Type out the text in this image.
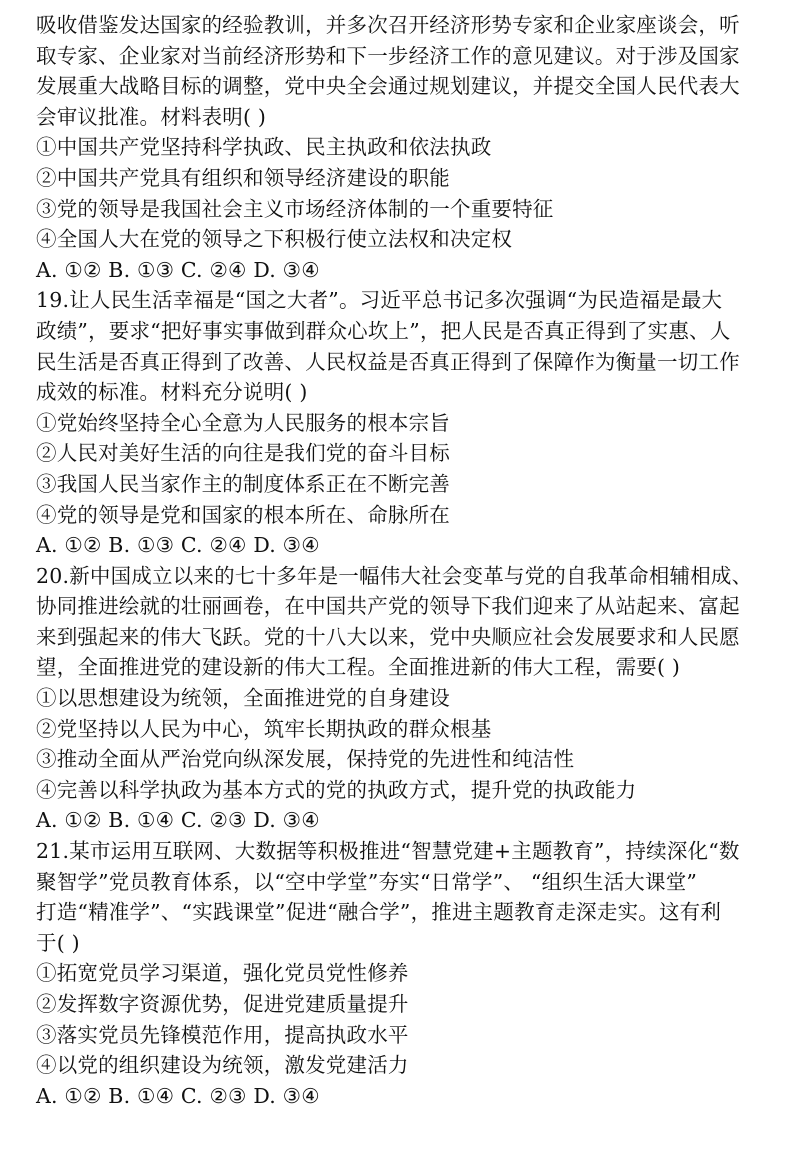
吸收借鉴发达国家的经验教训，并多次召开经济形势专家和企业家座谈会，听
取专家、企业家对当前经济形势和下一步经济工作的意见建议。对于涉及国家
发展重大战略目标的调整，党中央全会通过规划建议，并提交全国人民代表大
会审议批准。材料表明( )
①中国共产党坚持科学执政、民主执政和依法执政
②中国共产党具有组织和领导经济建设的职能
③党的领导是我国社会主义市场经济体制的一个重要特征
④全国人大在党的领导之下积极行使立法权和决定权
A. ①② B. ①③ C. ②④ D. ③④
19.让人民生活幸福是“国之大者”。习近平总书记多次强调“为民造福是最大
政绩”，要求“把好事实事做到群众心坎上”，把人民是否真正得到了实惠、人
民生活是否真正得到了改善、人民权益是否真正得到了保障作为衡量一切工作
成效的标准。材料充分说明( )
①党始终坚持全心全意为人民服务的根本宗旨
②人民对美好生活的向往是我们党的奋斗目标
③我国人民当家作主的制度体系正在不断完善
④党的领导是党和国家的根本所在、命脉所在
A. ①② B. ①③ C. ②④ D. ③④
20.新中国成立以来的七十多年是一幅伟大社会变革与党的自我革命相辅相成、
协同推进绘就的壮丽画卷，在中国共产党的领导下我们迎来了从站起来、富起
来到强起来的伟大飞跃。党的十八大以来，党中央顺应社会发展要求和人民愿
望，全面推进党的建设新的伟大工程。全面推进新的伟大工程，需要( )
①以思想建设为统领，全面推进党的自身建设
②党坚持以人民为中心，筑牢长期执政的群众根基
③推动全面从严治党向纵深发展，保持党的先进性和纯洁性
④完善以科学执政为基本方式的党的执政方式，提升党的执政能力
A. ①② B. ①④ C. ②③ D. ③④
21.某市运用互联网、大数据等积极推进“智慧党建+主题教育”，持续深化“数
聚智学”党员教育体系，以“空中学堂”夯实“日常学”、 “组织生活大课堂”
打造“精准学”、“实践课堂”促进“融合学”，推进主题教育走深走实。这有利
于( )
①拓宽党员学习渠道，强化党员党性修养
②发挥数字资源优势，促进党建质量提升
③落实党员先锋模范作用，提高执政水平
④以党的组织建设为统领，激发党建活力
A. ①② B. ①④ C. ②③ D. ③④
